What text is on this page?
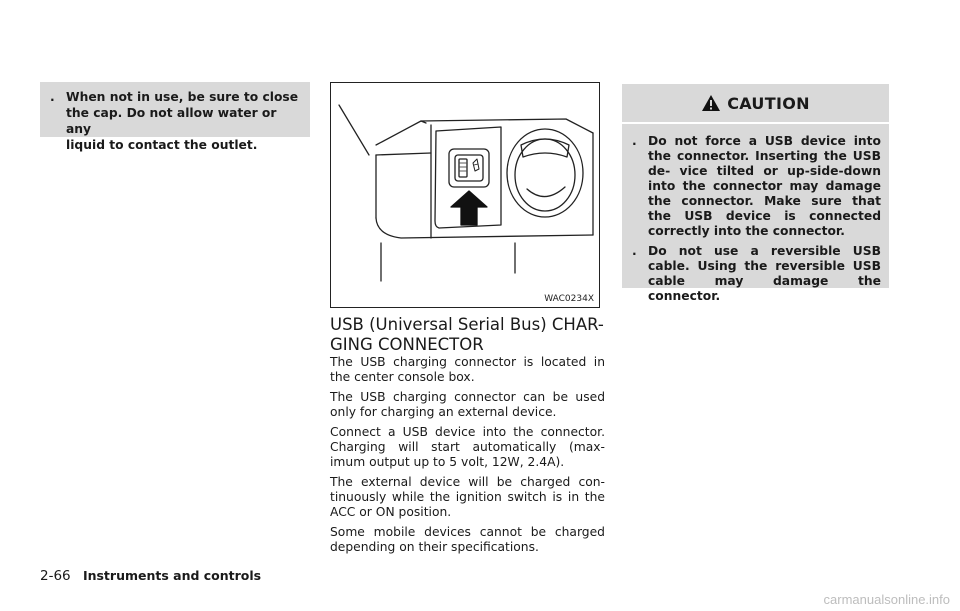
. When not in use, be sure to close
the cap. Do not allow water or any
liquid to contact the outlet.
WAC0234X
USB (Universal Serial Bus) CHAR-
GING CONNECTOR

The USB charging connector is located in the center console box.

The USB charging connector can be used only for charging an external device.

Connect a USB device into the connector. Charging will start automatically (max- imum output up to 5 volt, 12W, 2.4A).

The external device will be charged con- tinuously while the ignition switch is in the ACC or ON position.

Some mobile devices cannot be charged depending on their specifications.

CAUTION
. Do not force a USB device into the connector. Inserting the USB de- vice tilted or up-side-down into the connector may damage the connector. Make sure that the USB device is connected correctly into the connector.
. Do not use a reversible USB cable. Using the reversible USB cable may damage the connector.
2-66 Instruments and controls
carmanualsonline.info
